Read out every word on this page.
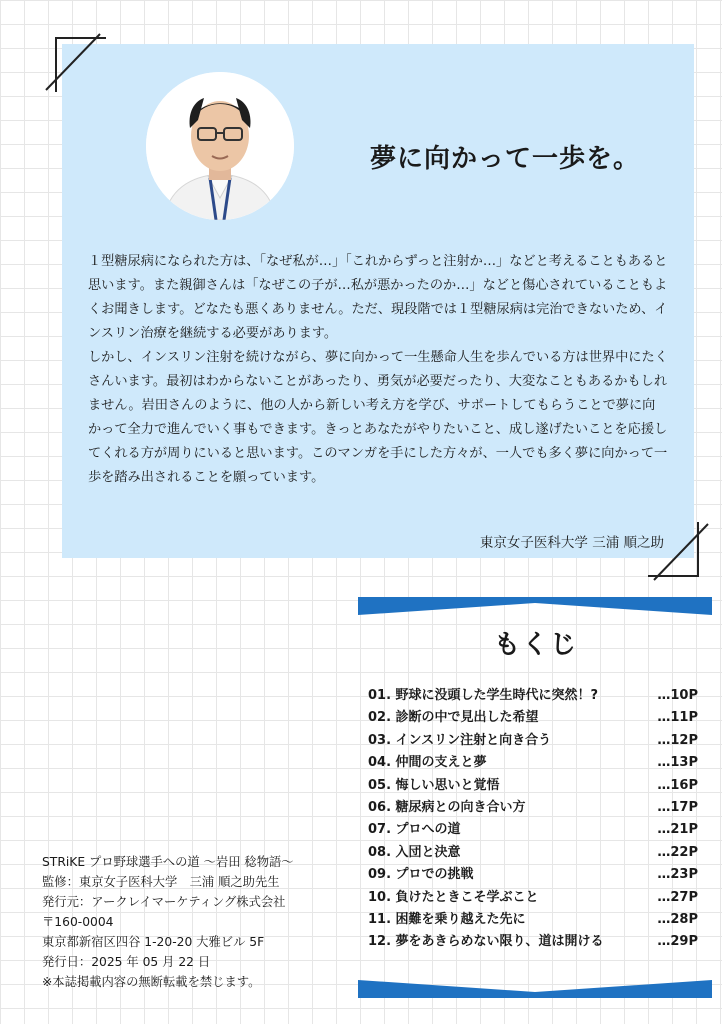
夢に向かって一歩を。

１型糖尿病になられた方は、「なぜ私が…」「これからずっと注射か…」などと考えることもあると思います。また親御さんは「なぜこの子が…私が悪かったのか…」などと傷心されていることもよくお聞きします。どなたも悪くありません。ただ、現段階では１型糖尿病は完治できないため、インスリン治療を継続する必要があります。

しかし、インスリン注射を続けながら、夢に向かって一生懸命人生を歩んでいる方は世界中にたくさんいます。最初はわからないことがあったり、勇気が必要だったり、大変なこともあるかもしれません。岩田さんのように、他の人から新しい考え方を学び、サポートしてもらうことで夢に向かって全力で進んでいく事もできます。きっとあなたがやりたいこと、成し遂げたいことを応援してくれる方が周りにいると思います。このマンガを手にした方々が、一人でも多く夢に向かって一歩を踏み出されることを願っています。

東京女子医科大学 三浦 順之助
もくじ
01. 野球に没頭した学生時代に突然！?	…10P
02. 診断の中で見出した希望	…11P
03. インスリン注射と向き合う	…12P
04. 仲間の支えと夢	…13P
05. 悔しい思いと覚悟	…16P
06. 糖尿病との向き合い方	…17P
07. プロへの道	…21P
08. 入団と決意	…22P
09. プロでの挑戦	…23P
10. 負けたときこそ学ぶこと	…27P
11. 困難を乗り越えた先に	…28P
12. 夢をあきらめない限り、道は開ける	…29P
STRiKE プロ野球選手への道 ～岩田 稔物語～
監修：東京女子医科大学　三浦 順之助先生
発行元：アークレイマーケティング株式会社
〒160-0004
東京都新宿区四谷 1-20-20 大雅ビル 5F
発行日：2025 年 05 月 22 日
※本誌掲載内容の無断転載を禁じます。
